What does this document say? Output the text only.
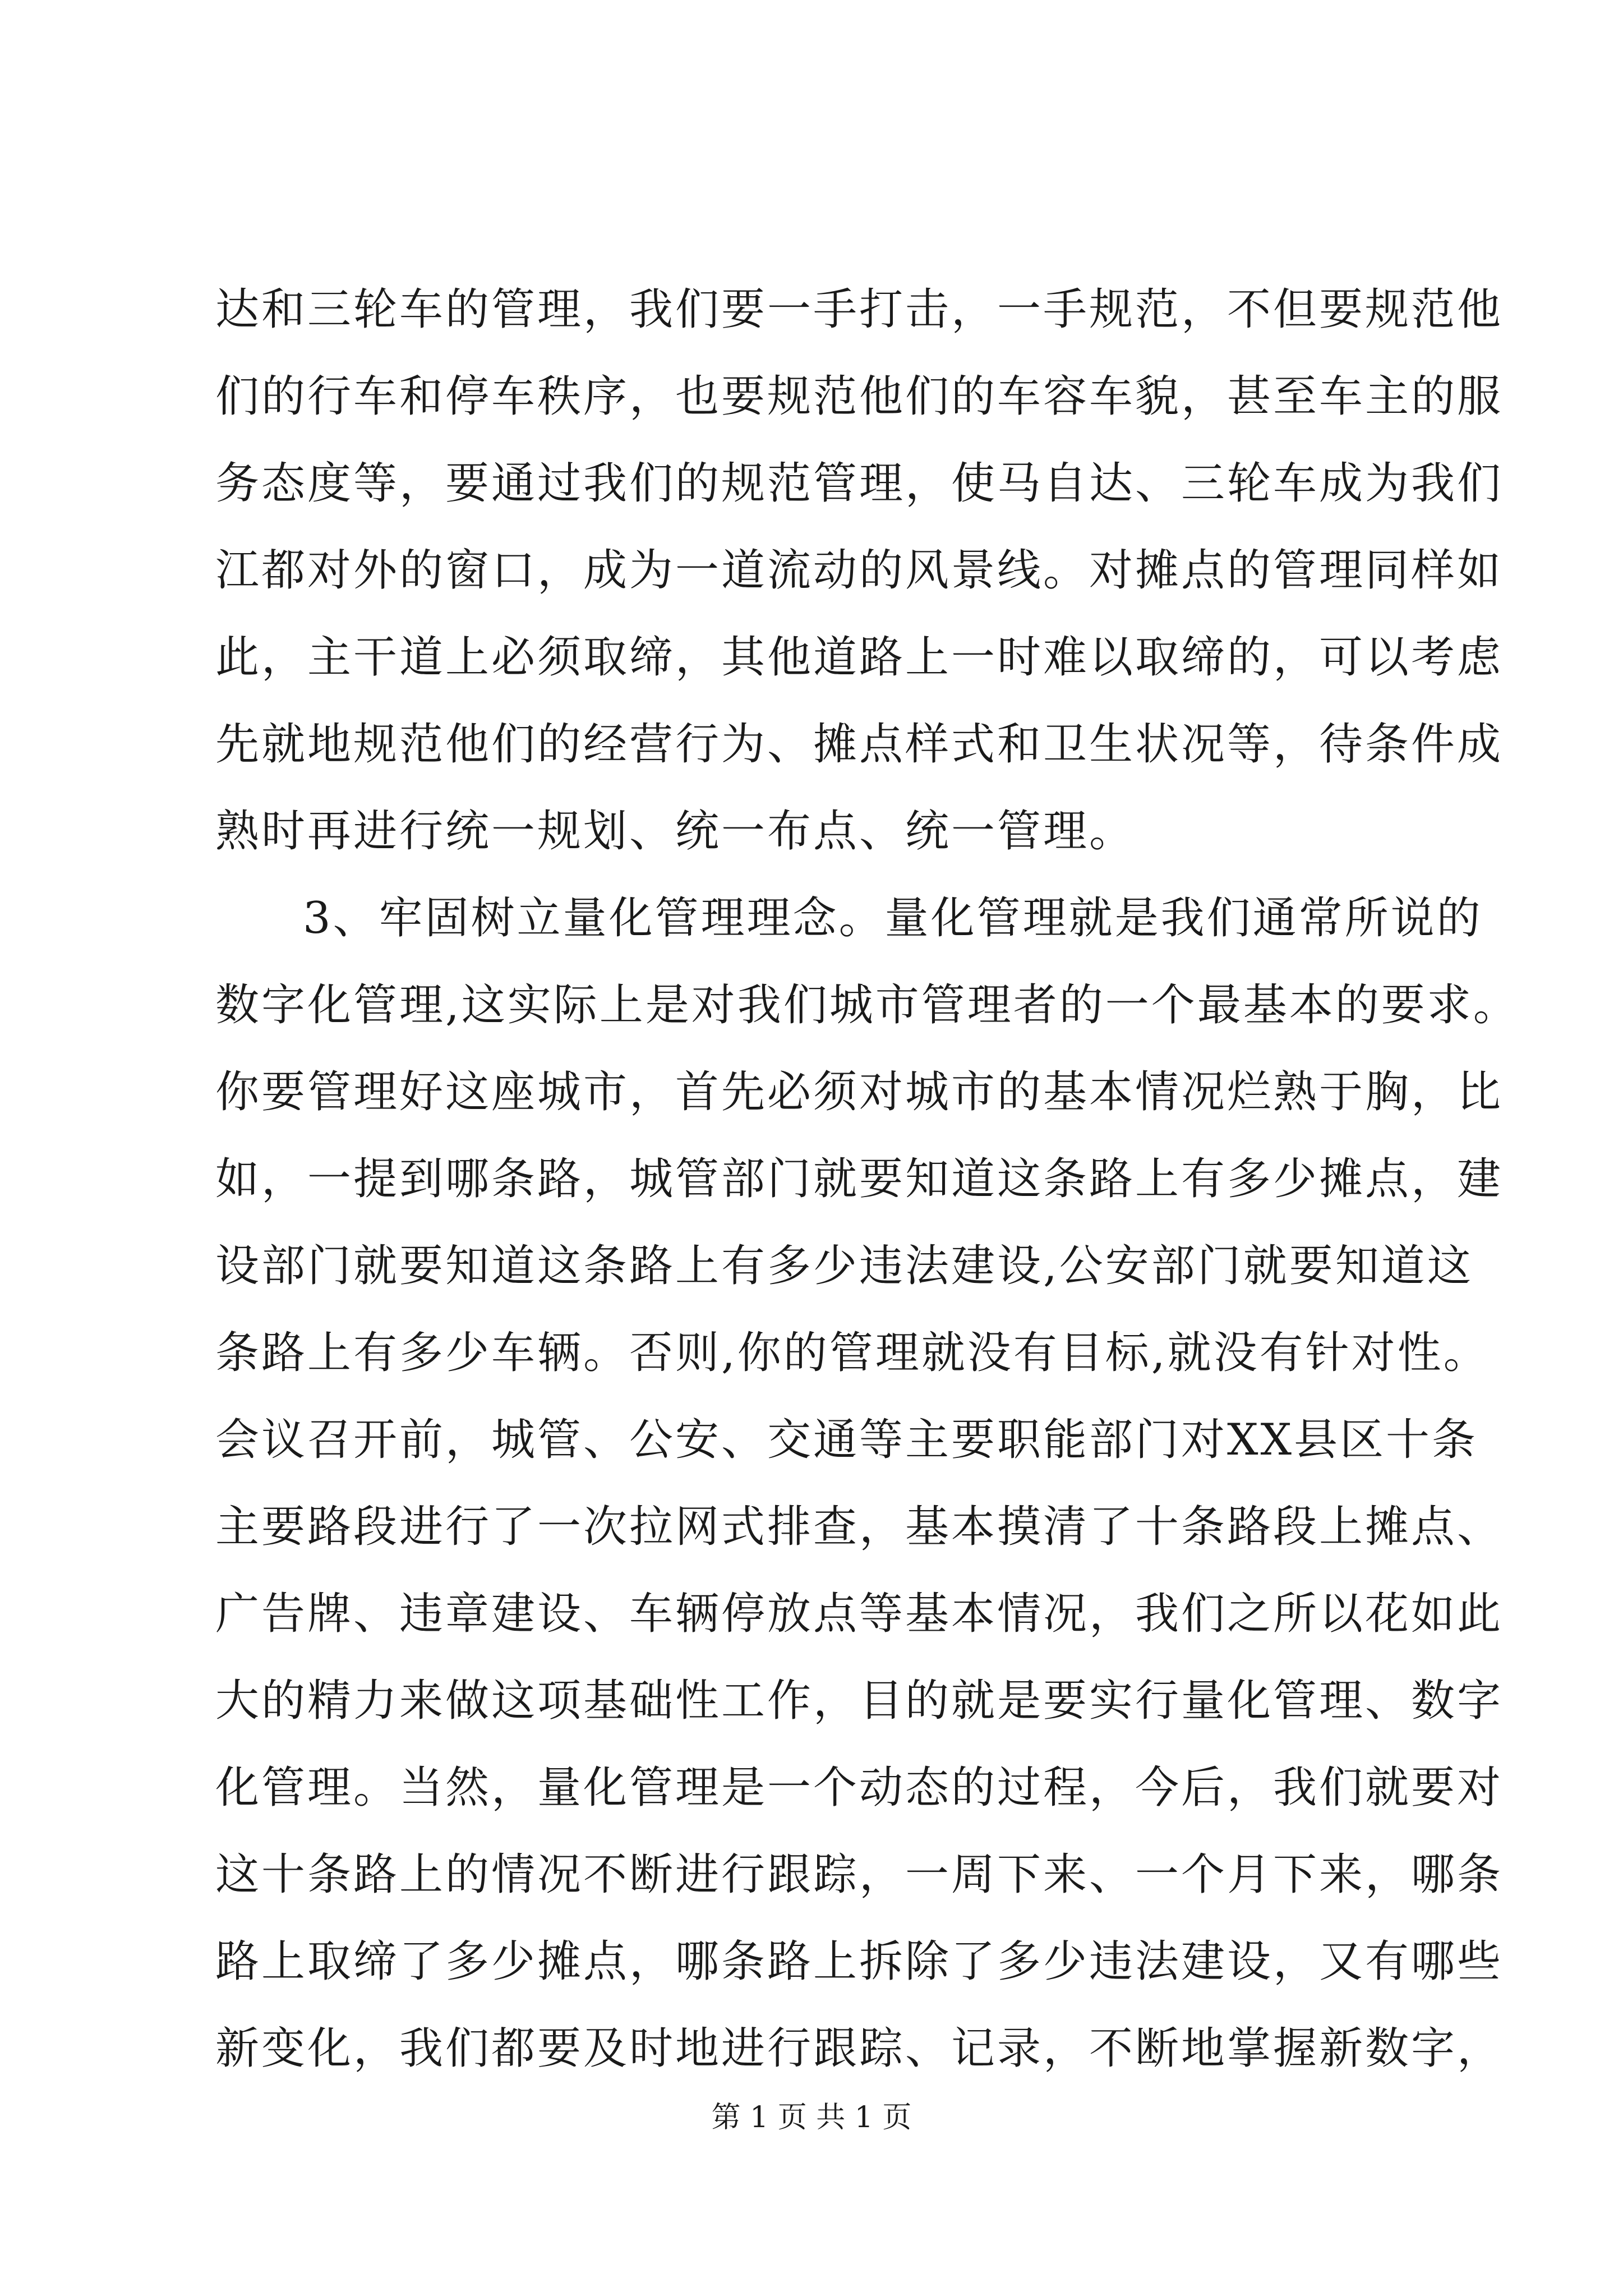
达和三轮车的管理，我们要一手打击，一手规范，不但要规范他
们的行车和停车秩序，也要规范他们的车容车貌，甚至车主的服
务态度等，要通过我们的规范管理，使马自达、三轮车成为我们
江都对外的窗口，成为一道流动的风景线。对摊点的管理同样如
此，主干道上必须取缔，其他道路上一时难以取缔的，可以考虑
先就地规范他们的经营行为、摊点样式和卫生状况等，待条件成
熟时再进行统一规划、统一布点、统一管理。
3、牢固树立量化管理理念。量化管理就是我们通常所说的
数字化管理,这实际上是对我们城市管理者的一个最基本的要求。
你要管理好这座城市，首先必须对城市的基本情况烂熟于胸，比
如，一提到哪条路，城管部门就要知道这条路上有多少摊点，建
设部门就要知道这条路上有多少违法建设,公安部门就要知道这
条路上有多少车辆。否则,你的管理就没有目标,就没有针对性。
会议召开前，城管、公安、交通等主要职能部门对XX县区十条
主要路段进行了一次拉网式排查，基本摸清了十条路段上摊点、
广告牌、违章建设、车辆停放点等基本情况，我们之所以花如此
大的精力来做这项基础性工作，目的就是要实行量化管理、数字
化管理。当然，量化管理是一个动态的过程，今后，我们就要对
这十条路上的情况不断进行跟踪，一周下来、一个月下来，哪条
路上取缔了多少摊点，哪条路上拆除了多少违法建设，又有哪些
新变化，我们都要及时地进行跟踪、记录，不断地掌握新数字，
第 1 页 共 1 页
